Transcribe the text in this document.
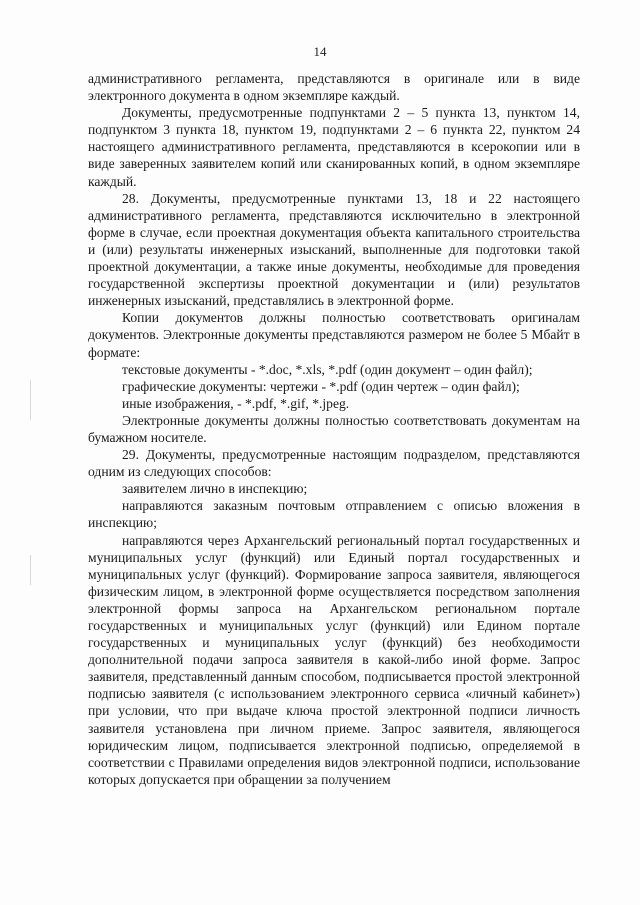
14

административного регламента, представляются в оригинале или в виде электронного документа в одном экземпляре каждый.

Документы, предусмотренные подпунктами 2 – 5 пункта 13, пунктом 14, подпунктом 3 пункта 18, пунктом 19, подпунктами 2 – 6 пункта 22, пунктом 24 настоящего административного регламента, представляются в ксерокопии или в виде заверенных заявителем копий или сканированных копий, в одном экземпляре каждый.

28. Документы, предусмотренные пунктами 13, 18 и 22 настоящего административного регламента, представляются исключительно в электронной форме в случае, если проектная документация объекта капитального строительства и (или) результаты инженерных изысканий, выполненные для подготовки такой проектной документации, а также иные документы, необходимые для проведения государственной экспертизы проектной документации и (или) результатов инженерных изысканий, представлялись в электронной форме.

Копии документов должны полностью соответствовать оригиналам документов. Электронные документы представляются размером не более 5 Мбайт в формате:

текстовые документы - *.doc, *.xls, *.pdf (один документ – один файл);

графические документы: чертежи - *.pdf (один чертеж – один файл);

иные изображения, - *.pdf, *.gif, *.jpeg.

Электронные документы должны полностью соответствовать документам на бумажном носителе.

29. Документы, предусмотренные настоящим подразделом, представляются одним из следующих способов:

заявителем лично в инспекцию;

направляются заказным почтовым отправлением с описью вложения в инспекцию;

направляются через Архангельский региональный портал государственных и муниципальных услуг (функций) или Единый портал государственных и муниципальных услуг (функций). Формирование запроса заявителя, являющегося физическим лицом, в электронной форме осуществляется посредством заполнения электронной формы запроса на Архангельском региональном портале государственных и муниципальных услуг (функций) или Едином портале государственных и муниципальных услуг (функций) без необходимости дополнительной подачи запроса заявителя в какой-либо иной форме. Запрос заявителя, представленный данным способом, подписывается простой электронной подписью заявителя (с использованием электронного сервиса «личный кабинет») при условии, что при выдаче ключа простой электронной подписи личность заявителя установлена при личном приеме. Запрос заявителя, являющегося юридическим лицом, подписывается электронной подписью, определяемой в соответствии с Правилами определения видов электронной подписи, использование которых допускается при обращении за получением
